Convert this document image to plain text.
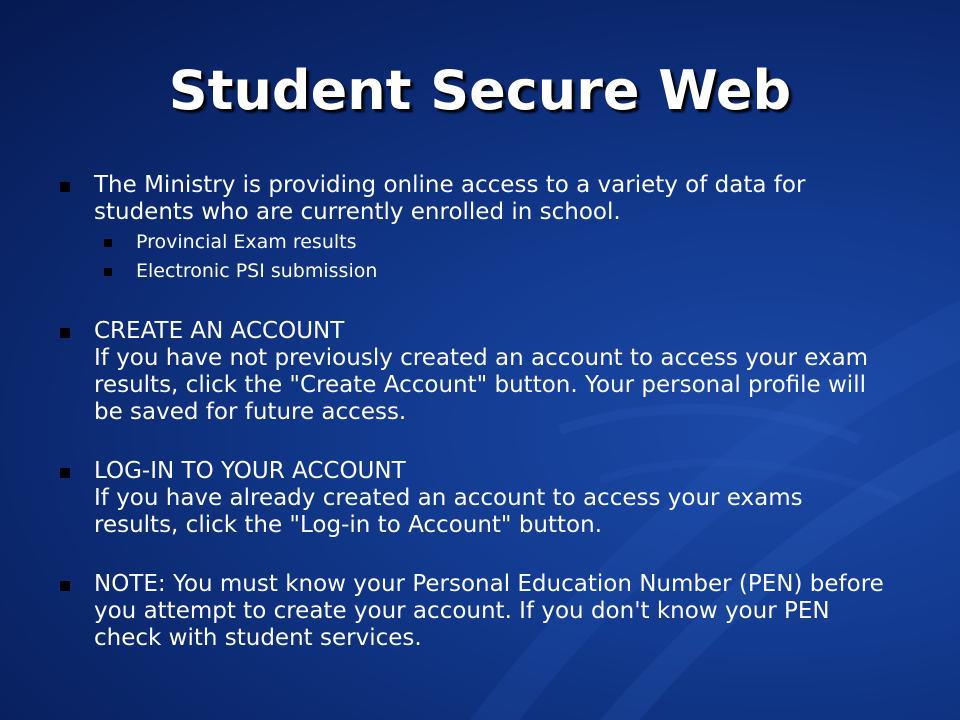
Student Secure Web
The Ministry is providing online access to a variety of data for students who are currently enrolled in school.
Provincial Exam results
Electronic PSI submission
CREATE AN ACCOUNT
If you have not previously created an account to access your exam results, click the "Create Account" button. Your personal profile will be saved for future access.
LOG-IN TO YOUR ACCOUNT
If you have already created an account to access your exams results, click the "Log-in to Account" button.
NOTE: You must know your Personal Education Number (PEN) before you attempt to create your account. If you don't know your PEN check with student services.
